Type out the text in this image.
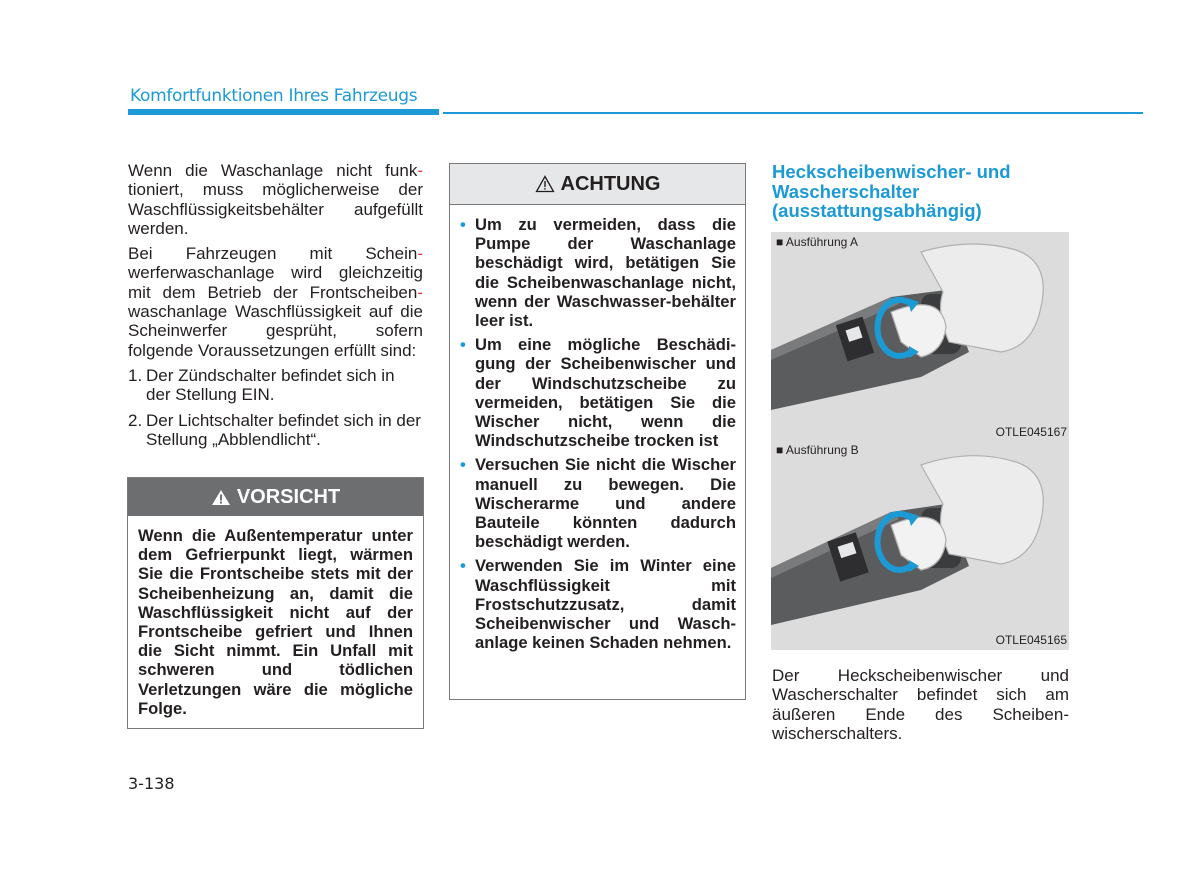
Komfortfunktionen Ihres Fahrzeugs

Wenn die Waschanlage nicht funk- tioniert, muss möglicherweise der Waschflüssigkeitsbehälter aufgefüllt werden.

Bei Fahrzeugen mit Schein- werferwaschanlage wird gleichzeitig mit dem Betrieb der Frontscheiben- waschanlage Waschflüssigkeit auf die Scheinwerfer gesprüht, sofern folgende Voraussetzungen erfüllt sind:

1. Der Zündschalter befindet sich in der Stellung EIN.
2. Der Lichtschalter befindet sich in der Stellung „Abblendlicht“.
VORSICHT
Wenn die Außentemperatur unter dem Gefrierpunkt liegt, wärmen Sie die Frontscheibe stets mit der Scheibenheizung an, damit die Waschflüssigkeit nicht auf der Frontscheibe gefriert und Ihnen die Sicht nimmt. Ein Unfall mit schweren und tödlichen Verletzungen wäre die mögliche Folge.
ACHTUNG
• Um zu vermeiden, dass die Pumpe der Waschanlage beschädigt wird, betätigen Sie die Scheibenwaschanlage nicht, wenn der Waschwasser-behälter leer ist.
• Um eine mögliche Beschädi-gung der Scheibenwischer und der Windschutzscheibe zu vermeiden, betätigen Sie die Wischer nicht, wenn die Windschutzscheibe trocken ist
• Versuchen Sie nicht die Wischer manuell zu bewegen. Die Wischerarme und andere Bauteile könnten dadurch beschädigt werden.
• Verwenden Sie im Winter eine Waschflüssigkeit mit Frostschutzzusatz, damit Scheibenwischer und Wasch-anlage keinen Schaden nehmen.
Heckscheibenwischer- und Wascherschalter (ausstattungsabhängig)
■ Ausführung A
OTLE045167
■ Ausführung B
OTLE045165

Der Heckscheibenwischer und Wascherschalter befindet sich am äußeren Ende des Scheiben-wischerschalters.

3-138
